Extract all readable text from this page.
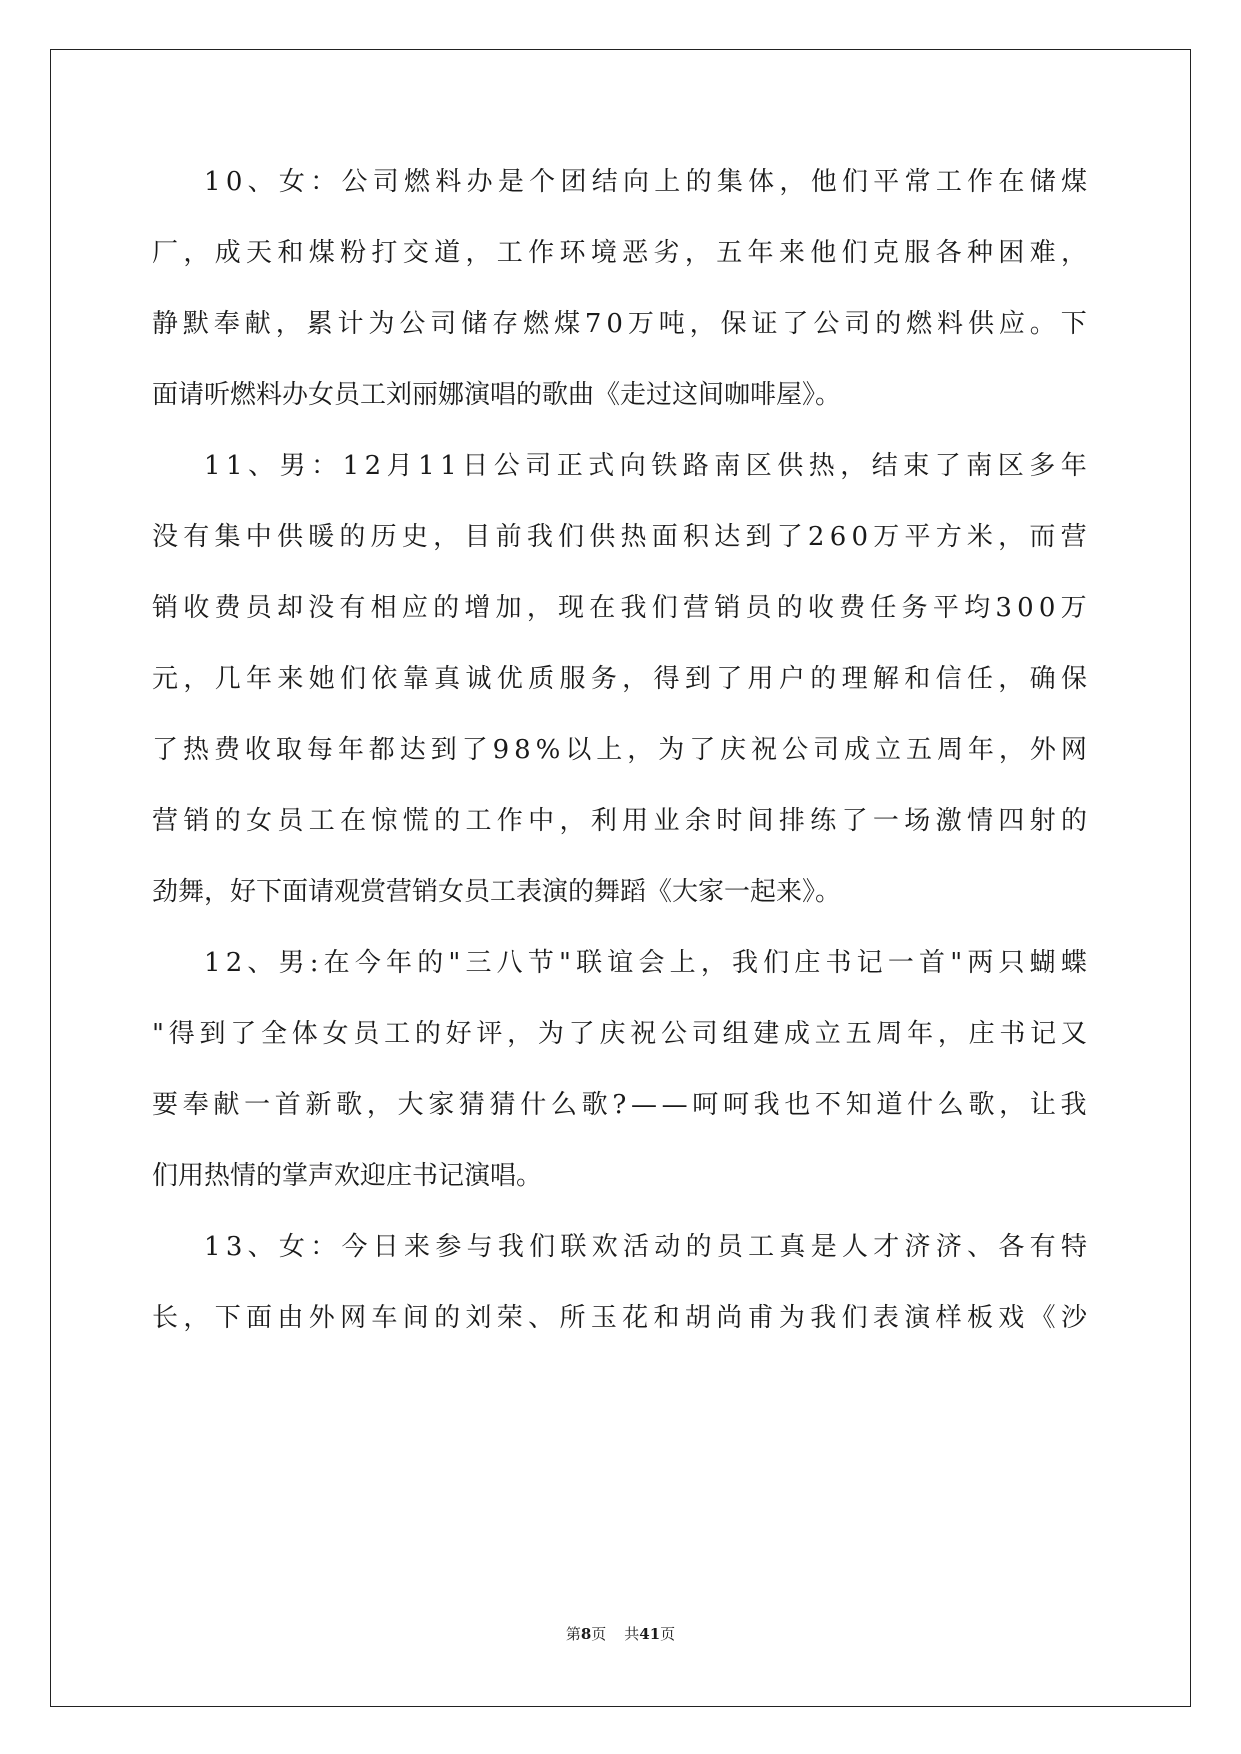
1 0 、 女 ： 公 司 燃 料 办 是 个 团 结 向 上 的 集 体 ， 他 们 平 常 工 作 在 储 煤
厂 ， 成 天 和 煤 粉 打 交 道 ， 工 作 环 境 恶 劣 ， 五 年 来 他 们 克 服 各 种 困 难 ，
静 默 奉 献 ， 累 计 为 公 司 储 存 燃 煤 7 0 万 吨 ， 保 证 了 公 司 的 燃 料 供 应 。 下
面请听燃料办女员工刘丽娜演唱的歌曲《走过这间咖啡屋》。
1 1 、 男 ： 1 2 月 1 1 日 公 司 正 式 向 铁 路 南 区 供 热 ， 结 束 了 南 区 多 年
没 有 集 中 供 暖 的 历 史 ， 目 前 我 们 供 热 面 积 达 到 了 2 6 0 万 平 方 米 ， 而 营
销 收 费 员 却 没 有 相 应 的 增 加 ， 现 在 我 们 营 销 员 的 收 费 任 务 平 均 3 0 0 万
元 ， 几 年 来 她 们 依 靠 真 诚 优 质 服 务 ， 得 到 了 用 户 的 理 解 和 信 任 ， 确 保
了 热 费 收 取 每 年 都 达 到 了 9 8 % 以 上 ， 为 了 庆 祝 公 司 成 立 五 周 年 ， 外 网
营 销 的 女 员 工 在 惊 慌 的 工 作 中 ， 利 用 业 余 时 间 排 练 了 一 场 激 情 四 射 的
劲舞，好下面请观赏营销女员工表演的舞蹈《大家一起来》。
1 2 、 男 : 在 今 年 的 " 三 八 节 " 联 谊 会 上 ， 我 们 庄 书 记 一 首 " 两 只 蝴 蝶
" 得 到 了 全 体 女 员 工 的 好 评 ， 为 了 庆 祝 公 司 组 建 成 立 五 周 年 ， 庄 书 记 又
要 奉 献 一 首 新 歌 ， 大 家 猜 猜 什 么 歌 ? — — 呵 呵 我 也 不 知 道 什 么 歌 ， 让 我
们用热情的掌声欢迎庄书记演唱。
1 3 、 女 ： 今 日 来 参 与 我 们 联 欢 活 动 的 员 工 真 是 人 才 济 济 、 各 有 特
长 ， 下 面 由 外 网 车 间 的 刘 荣 、 所 玉 花 和 胡 尚 甫 为 我 们 表 演 样 板 戏 《 沙
第8页 共41页
